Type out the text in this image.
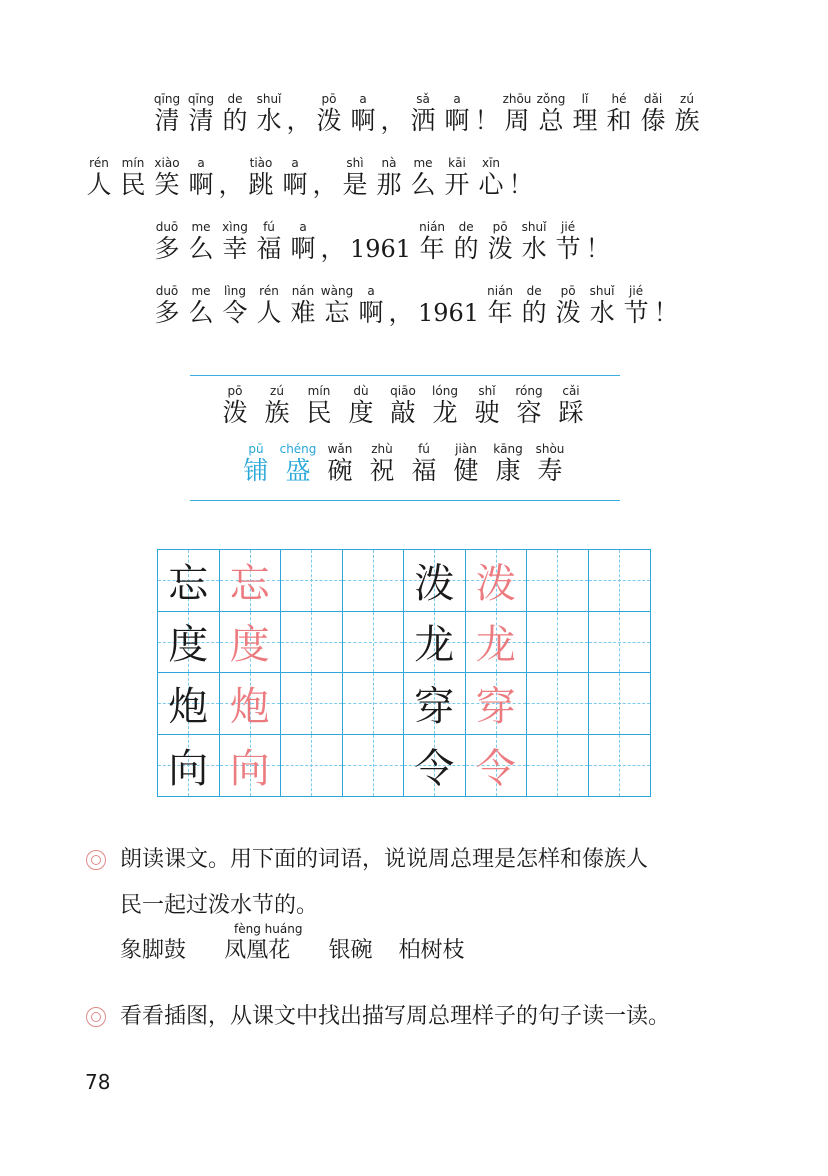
qīng
清
qīng
清
de
的
shuǐ
水 ，
pō
泼
a
啊 ，
sǎ
洒
a
啊 ！
zhōu
周
zǒng
总
lǐ
理
hé
和
dǎi
傣
zú
族
rén
人
mín
民
xiào
笑
a
啊 ，
tiào
跳
a
啊 ，
shì
是
nà
那
me
么
kāi
开
xīn
心 ！
duō
多
me
么
xìng
幸
fú
福
a
啊 ， 1961
nián
年
de
的
pō
泼
shuǐ
水
jié
节 ！
duō
多
me
么
lìng
令
rén
人
nán
难
wàng
忘
a
啊 ， 1961
nián
年
de
的
pō
泼
shuǐ
水
jié
节 ！
pō
泼
zú
族
mín
民
dù
度
qiāo
敲
lóng
龙
shǐ
驶
róng
容
cǎi
踩
pū
铺
chéng
盛
wǎn
碗
zhù
祝
fú
福
jiàn
健
kāng
康
shòu
寿
忘 忘	泼 泼
度 度	龙 龙
炮 炮	穿 穿
向 向	令 令
朗读课文。用下面的词语，说说周总理是怎样和傣族人
民一起过泼水节的。
象脚鼓
fèng huáng
凤凰花 银碗 柏树枝
看看插图，从课文中找出描写周总理样子的句子读一读。
78
